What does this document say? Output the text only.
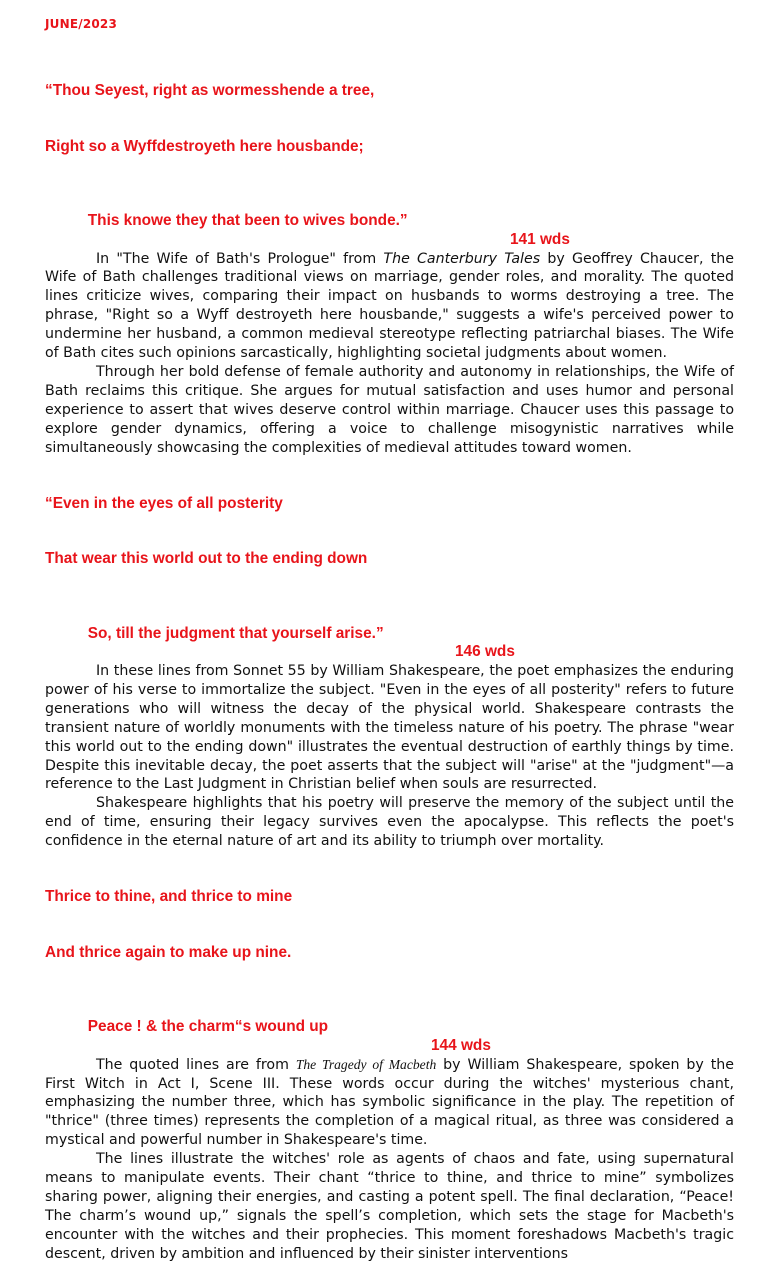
JUNE/2023

“Thou Seyest, right as wormesshende a tree,

Right so a Wyffdestroyeth here housbande;

This knowe they that been to wives bonde.”

141 wds

In "The Wife of Bath's Prologue" from The Canterbury Tales by Geoffrey Chaucer, the Wife of Bath challenges traditional views on marriage, gender roles, and morality. The quoted lines criticize wives, comparing their impact on husbands to worms destroying a tree. The phrase, "Right so a Wyff destroyeth here housbande," suggests a wife's perceived power to undermine her husband, a common medieval stereotype reflecting patriarchal biases. The Wife of Bath cites such opinions sarcastically, highlighting societal judgments about women.

Through her bold defense of female authority and autonomy in relationships, the Wife of Bath reclaims this critique. She argues for mutual satisfaction and uses humor and personal experience to assert that wives deserve control within marriage. Chaucer uses this passage to explore gender dynamics, offering a voice to challenge misogynistic narratives while simultaneously showcasing the complexities of medieval attitudes toward women.

“Even in the eyes of all posterity

That wear this world out to the ending down

So, till the judgment that yourself arise.”

146 wds

In these lines from Sonnet 55 by William Shakespeare, the poet emphasizes the enduring power of his verse to immortalize the subject. "Even in the eyes of all posterity" refers to future generations who will witness the decay of the physical world. Shakespeare contrasts the transient nature of worldly monuments with the timeless nature of his poetry. The phrase "wear this world out to the ending down" illustrates the eventual destruction of earthly things by time. Despite this inevitable decay, the poet asserts that the subject will "arise" at the "judgment"—a reference to the Last Judgment in Christian belief when souls are resurrected.

Shakespeare highlights that his poetry will preserve the memory of the subject until the end of time, ensuring their legacy survives even the apocalypse. This reflects the poet's confidence in the eternal nature of art and its ability to triumph over mortality.

Thrice to thine, and thrice to mine

And thrice again to make up nine.

Peace ! & the charm“s wound up

144 wds

The quoted lines are from The Tragedy of Macbeth by William Shakespeare, spoken by the First Witch in Act I, Scene III. These words occur during the witches' mysterious chant, emphasizing the number three, which has symbolic significance in the play. The repetition of "thrice" (three times) represents the completion of a magical ritual, as three was considered a mystical and powerful number in Shakespeare's time.

The lines illustrate the witches' role as agents of chaos and fate, using supernatural means to manipulate events. Their chant “thrice to thine, and thrice to mine” symbolizes sharing power, aligning their energies, and casting a potent spell. The final declaration, “Peace! The charm’s wound up,” signals the spell’s completion, which sets the stage for Macbeth's encounter with the witches and their prophecies. This moment foreshadows Macbeth's tragic descent, driven by ambition and influenced by their sinister interventions
